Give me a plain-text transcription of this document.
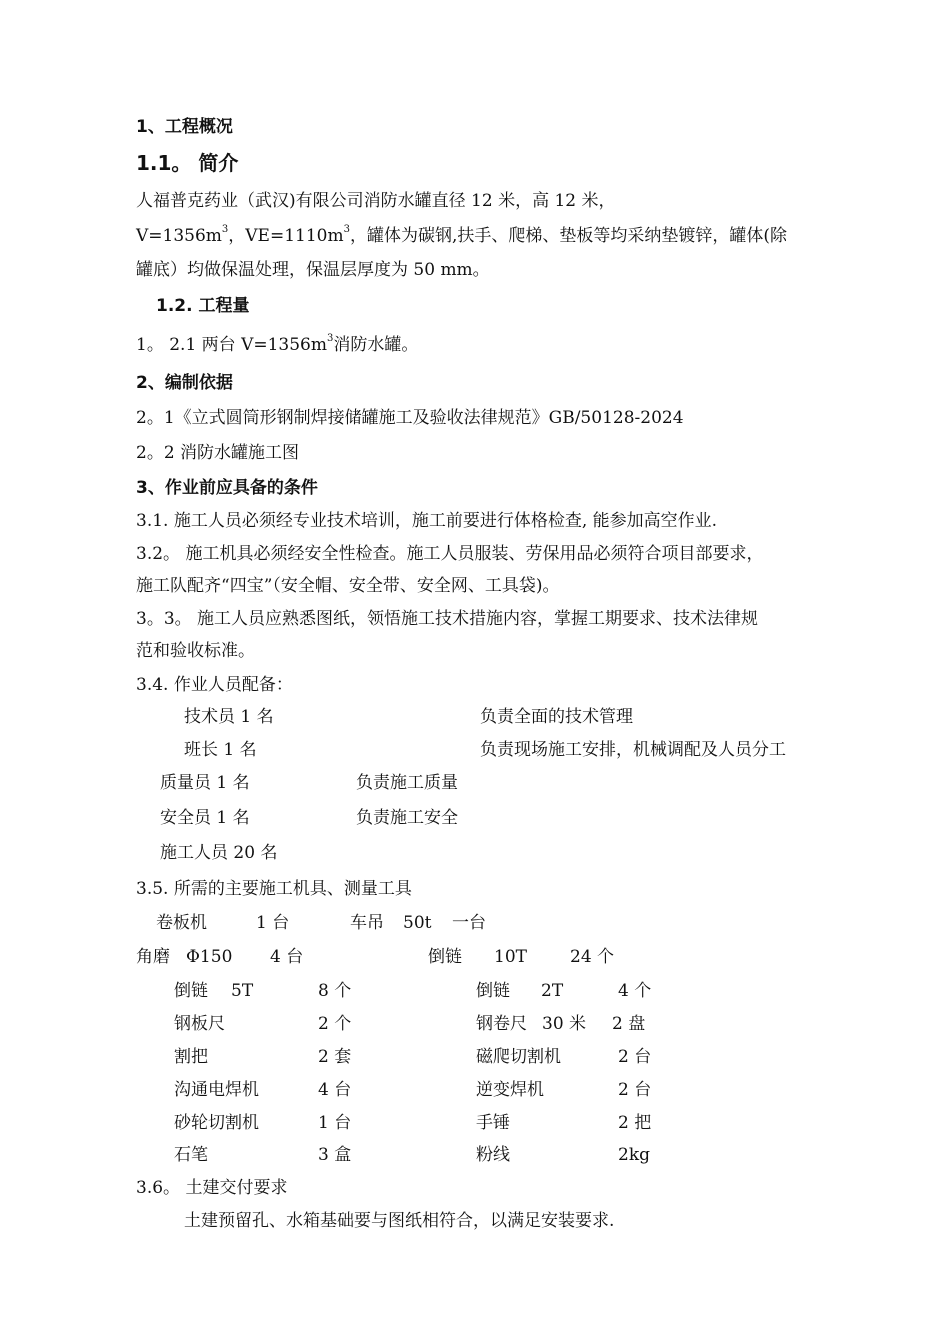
1、工程概况
1.1。 简介
人福普克药业（武汉)有限公司消防水罐直径 12 米，高 12 米，
$V=1356m^3$，$VE=1110m^3$，罐体为碳钢,扶手、爬梯、垫板等均采纳垫镀锌，罐体(除
罐底）均做保温处理，保温层厚度为 50 mm。
1.2. 工程量
1。 2.1 两台 $V=1356m^3$消防水罐。
2、编制依据
2。1《立式圆筒形钢制焊接储罐施工及验收法律规范》GB/50128-2024
2。2 消防水罐施工图
3、作业前应具备的条件
3.1. 施工人员必须经专业技术培训，施工前要进行体格检查, 能参加高空作业.
3.2。 施工机具必须经安全性检查。施工人员服装、劳保用品必须符合项目部要求，
施工队配齐“四宝”（安全帽、安全带、安全网、工具袋)。
3。3。 施工人员应熟悉图纸，领悟施工技术措施内容，掌握工期要求、技术法律规
范和验收标准。
3.4. 作业人员配备：
技术员 1 名	负责全面的技术管理
班长 1 名	负责现场施工安排，机械调配及人员分工
质量员 1 名	负责施工质量
安全员 1 名	负责施工安全
施工人员 20 名
3.5. 所需的主要施工机具、测量工具
卷板机	1 台	车吊 50t 一台
角磨 Φ150 4 台	倒链 10T	24 个
倒链 5T	8 个	倒链 2T	4 个
钢板尺	2 个	钢卷尺 30 米 2 盘
割把	2 套	磁爬切割机	2 台
沟通电焊机	4 台	逆变焊机	2 台
砂轮切割机	1 台	手锤	2 把
石笔	3 盒	粉线	2kg
3.6。 土建交付要求
土建预留孔、水箱基础要与图纸相符合，以满足安装要求.
